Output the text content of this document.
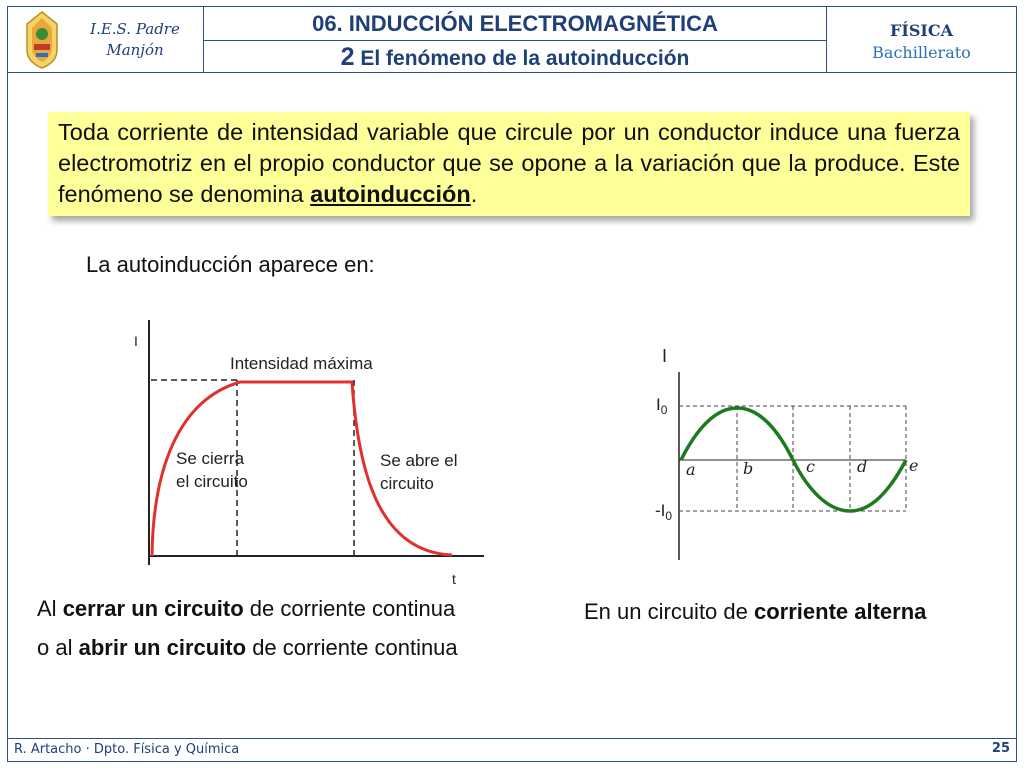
I.E.S. Padre
Manjón
06. INDUCCIÓN ELECTROMAGNÉTICA
2 El fenómeno de la autoinducción
FÍSICA
Bachillerato

Toda corriente de intensidad variable que circule por un conductor induce una fuerza electromotriz en el propio conductor que se opone a la variación que la produce. Este fenómeno se denomina autoinducción.

La autoinducción aparece en:
I
t
Intensidad máxima
Se cierra
el circuito
Se abre el
circuito
I
$I_0$
$-I_0$
a	b	c	d	e
Al cerrar un circuito de corriente continua
o al abrir un circuito de corriente continua
En un circuito de corriente alterna
R. Artacho · Dpto. Física y Química	25
